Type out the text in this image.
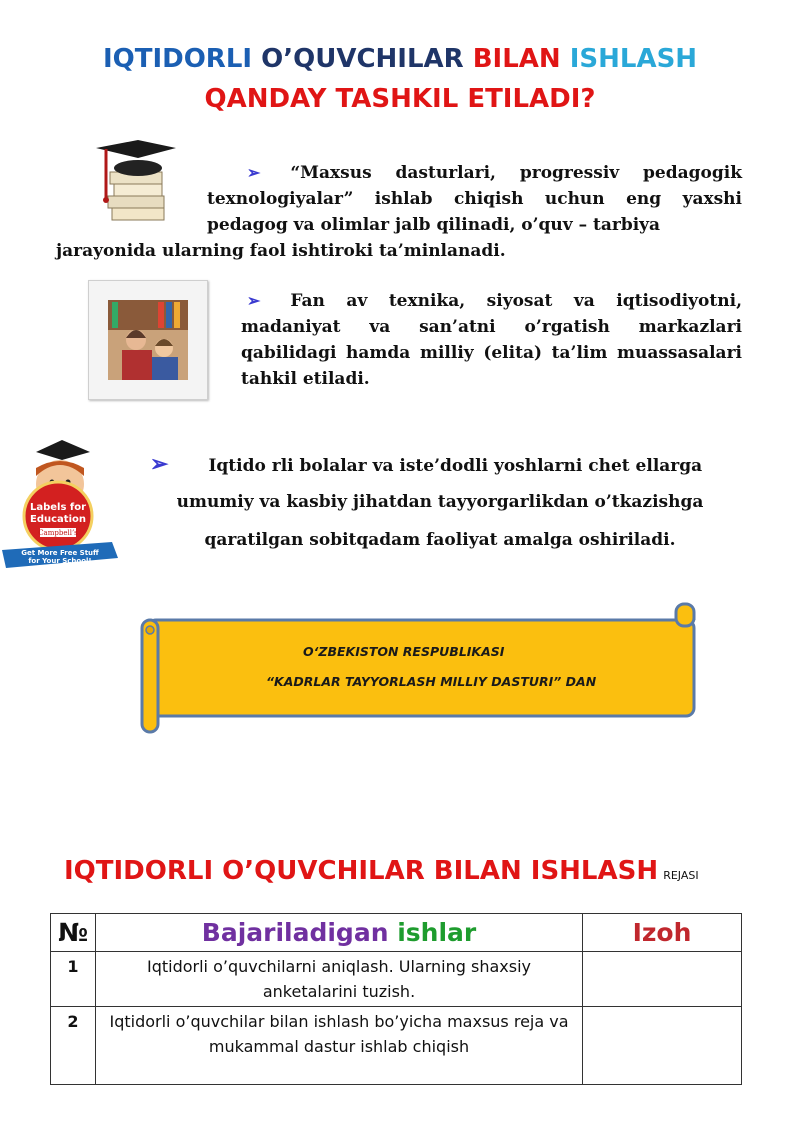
IQTIDORLI O’QUVCHILAR BILAN ISHLASH
QANDAY TASHKIL ETILADI?
➢ “Maxsus dasturlari, progressiv pedagogik texnologiyalar” ishlab chiqish uchun eng yaxshi pedagog va olimlar jalb qilinadi, o’quv – tarbiya
jarayonida ularning faol ishtiroki ta’minlanadi.
➢ Fan av texnika, siyosat va iqtisodiyotni, madaniyat va san’atni o’rgatish markazlari qabilidagi hamda milliy (elita) ta’lim muassasalari tahkil etiladi.
Labels for
Education
Campbell’s
Get More Free Stuff
for Your School!
➢ Iqtido rli bolalar va iste’dodli yoshlarni chet ellarga
umumiy va kasbiy jihatdan tayyorgarlikdan o’tkazishga
qaratilgan sobitqadam faoliyat amalga oshiriladi.
O‘ZBEKISTON RESPUBLIKASI
“KADRLAR TAYYORLASH MILLIY DASTURI” DAN
IQTIDORLI O’QUVCHILAR BILAN ISHLASH REJASI
№	Bajariladigan ishlar	Izoh
1	Iqtidorli o’quvchilarni aniqlash. Ularning shaxsiy anketalarini tuzish.	
2	Iqtidorli o’quvchilar bilan ishlash bo’yicha maxsus reja va mukammal dastur ishlab chiqish	
